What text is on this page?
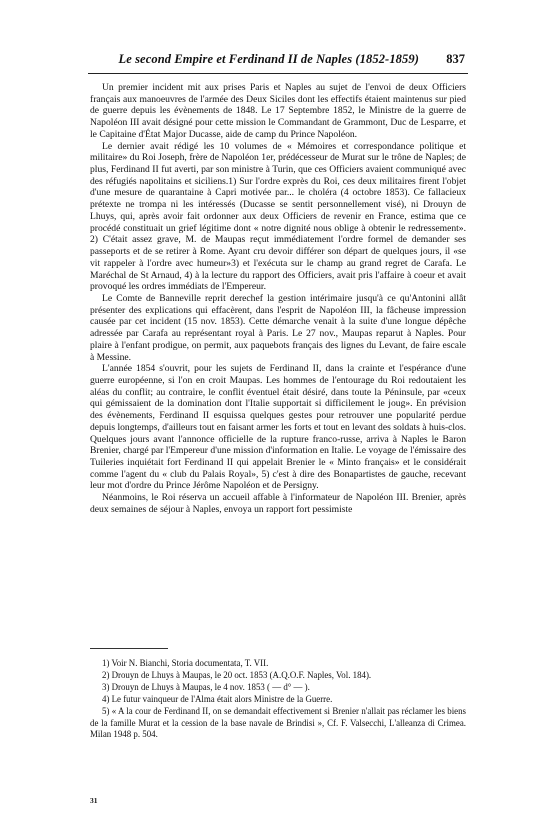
Le second Empire et Ferdinand II de Naples (1852-1859) 837

Un premier incident mit aux prises Paris et Naples au sujet de l'envoi de deux Officiers français aux manoeuvres de l'armée des Deux Siciles dont les effectifs étaient maintenus sur pied de guerre depuis les évènements de 1848. Le 17 Septembre 1852, le Ministre de la guerre de Napoléon III avait désigné pour cette mission le Commandant de Grammont, Duc de Lesparre, et le Capitaine d'État Major Ducasse, aide de camp du Prince Napoléon.

Le dernier avait rédigé les 10 volumes de « Mémoires et correspondance politique et militaire» du Roi Joseph, frère de Napoléon 1er, prédécesseur de Murat sur le trône de Naples; de plus, Ferdinand II fut averti, par son ministre à Turin, que ces Officiers avaient communiqué avec des réfugiés napolitains et siciliens.1) Sur l'ordre exprès du Roi, ces deux militaires firent l'objet d'une mesure de quarantaine à Capri motivée par... le choléra (4 octobre 1853). Ce fallacieux prétexte ne trompa ni les intéressés (Ducasse se sentit personnellement visé), ni Drouyn de Lhuys, qui, après avoir fait ordonner aux deux Officiers de revenir en France, estima que ce procédé constituait un grief légitime dont « notre dignité nous oblige à obtenir le redressement». 2) C'était assez grave, M. de Maupas reçut immédiatement l'ordre formel de demander ses passeports et de se retirer à Rome. Ayant cru devoir différer son départ de quelques jours, il «se vit rappeler à l'ordre avec humeur»3) et l'exécuta sur le champ au grand regret de Carafa. Le Maréchal de St Arnaud, 4) à la lecture du rapport des Officiers, avait pris l'affaire à coeur et avait provoqué les ordres immédiats de l'Empereur.

Le Comte de Banneville reprit derechef la gestion intérimaire jusqu'à ce qu'Antonini allât présenter des explications qui effacèrent, dans l'esprit de Napoléon III, la fâcheuse impression causée par cet incident (15 nov. 1853). Cette démarche venait à la suite d'une longue dépêche adressée par Carafa au représentant royal à Paris. Le 27 nov., Maupas reparut à Naples. Pour plaire à l'enfant prodigue, on permit, aux paquebots français des lignes du Levant, de faire escale à Messine.

L'année 1854 s'ouvrit, pour les sujets de Ferdinand II, dans la crainte et l'espérance d'une guerre européenne, si l'on en croit Maupas. Les hommes de l'entourage du Roi redoutaient les aléas du conflit; au contraire, le conflit éventuel était désiré, dans toute la Péninsule, par «ceux qui gémissaient de la domination dont l'Italie supportait si difficilement le joug». En prévision des évènements, Ferdinand II esquissa quelques gestes pour retrouver une popularité perdue depuis longtemps, d'ailleurs tout en faisant armer les forts et tout en levant des soldats à huis-clos. Quelques jours avant l'annonce officielle de la rupture franco-russe, arriva à Naples le Baron Brenier, chargé par l'Empereur d'une mission d'information en Italie. Le voyage de l'émissaire des Tuileries inquiétait fort Ferdinand II qui appelait Brenier le « Minto français» et le considérait comme l'agent du « club du Palais Royal», 5) c'est à dire des Bonapartistes de gauche, recevant leur mot d'ordre du Prince Jérôme Napoléon et de Persigny.

Néanmoins, le Roi réserva un accueil affable à l'informateur de Napoléon III. Brenier, après deux semaines de séjour à Naples, envoya un rapport fort pessimiste

1) Voir N. Bianchi, Storia documentata, T. VII.

2) Drouyn de Lhuys à Maupas, le 20 oct. 1853 (A.Q.O.F. Naples, Vol. 184).

3) Drouyn de Lhuys à Maupas, le 4 nov. 1853 ( — d° — ).

4) Le futur vainqueur de l'Alma était alors Ministre de la Guerre.

5) « A la cour de Ferdinand II, on se demandait effectivement si Brenier n'allait pas réclamer les biens de la famille Murat et la cession de la base navale de Brindisi », Cf. F. Valsecchi, L'alleanza di Crimea. Milan 1948 p. 504.

31
